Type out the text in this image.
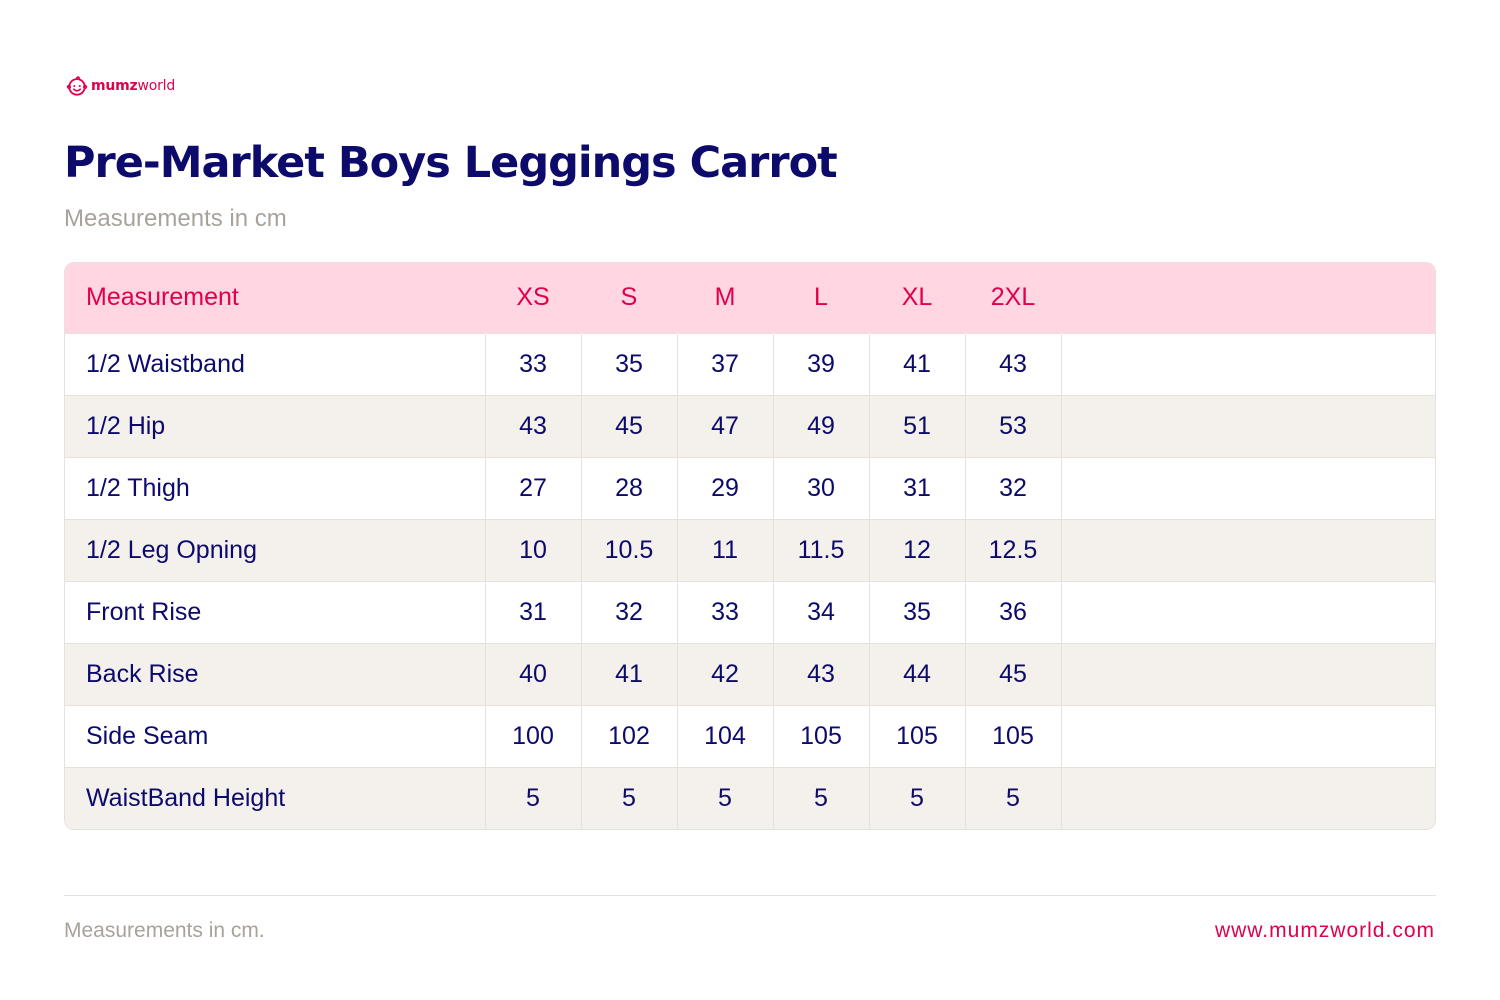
mumzworld
Pre-Market Boys Leggings Carrot
Measurements in cm
Measurement	XS	S	M	L	XL	2XL	
1/2 Waistband	33	35	37	39	41	43	
1/2 Hip	43	45	47	49	51	53	
1/2 Thigh	27	28	29	30	31	32	
1/2 Leg Opning	10	10.5	11	11.5	12	12.5	
Front Rise	31	32	33	34	35	36	
Back Rise	40	41	42	43	44	45	
Side Seam	100	102	104	105	105	105	
WaistBand Height	5	5	5	5	5	5	
Measurements in cm.	www.mumzworld.com
